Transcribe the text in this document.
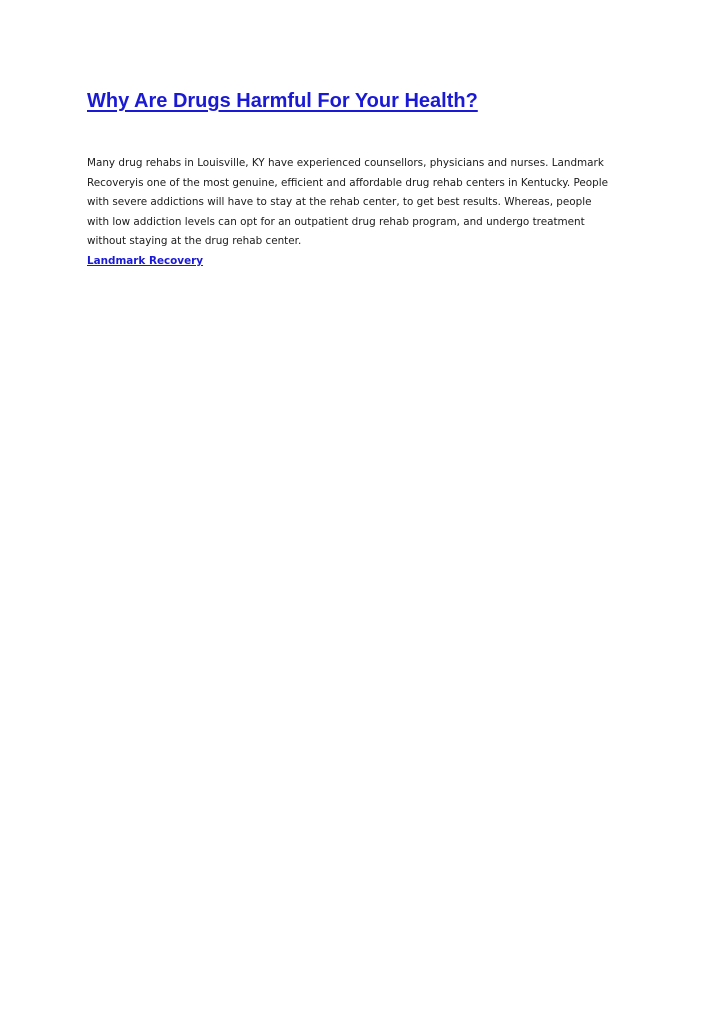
Why Are Drugs Harmful For Your Health?

Many drug rehabs in Louisville, KY have experienced counsellors, physicians and nurses. Landmark
Recoveryis one of the most genuine, efficient and affordable drug rehab centers in Kentucky. People
with severe addictions will have to stay at the rehab center, to get best results. Whereas, people
with low addiction levels can opt for an outpatient drug rehab program, and undergo treatment
without staying at the drug rehab center.

Landmark Recovery
